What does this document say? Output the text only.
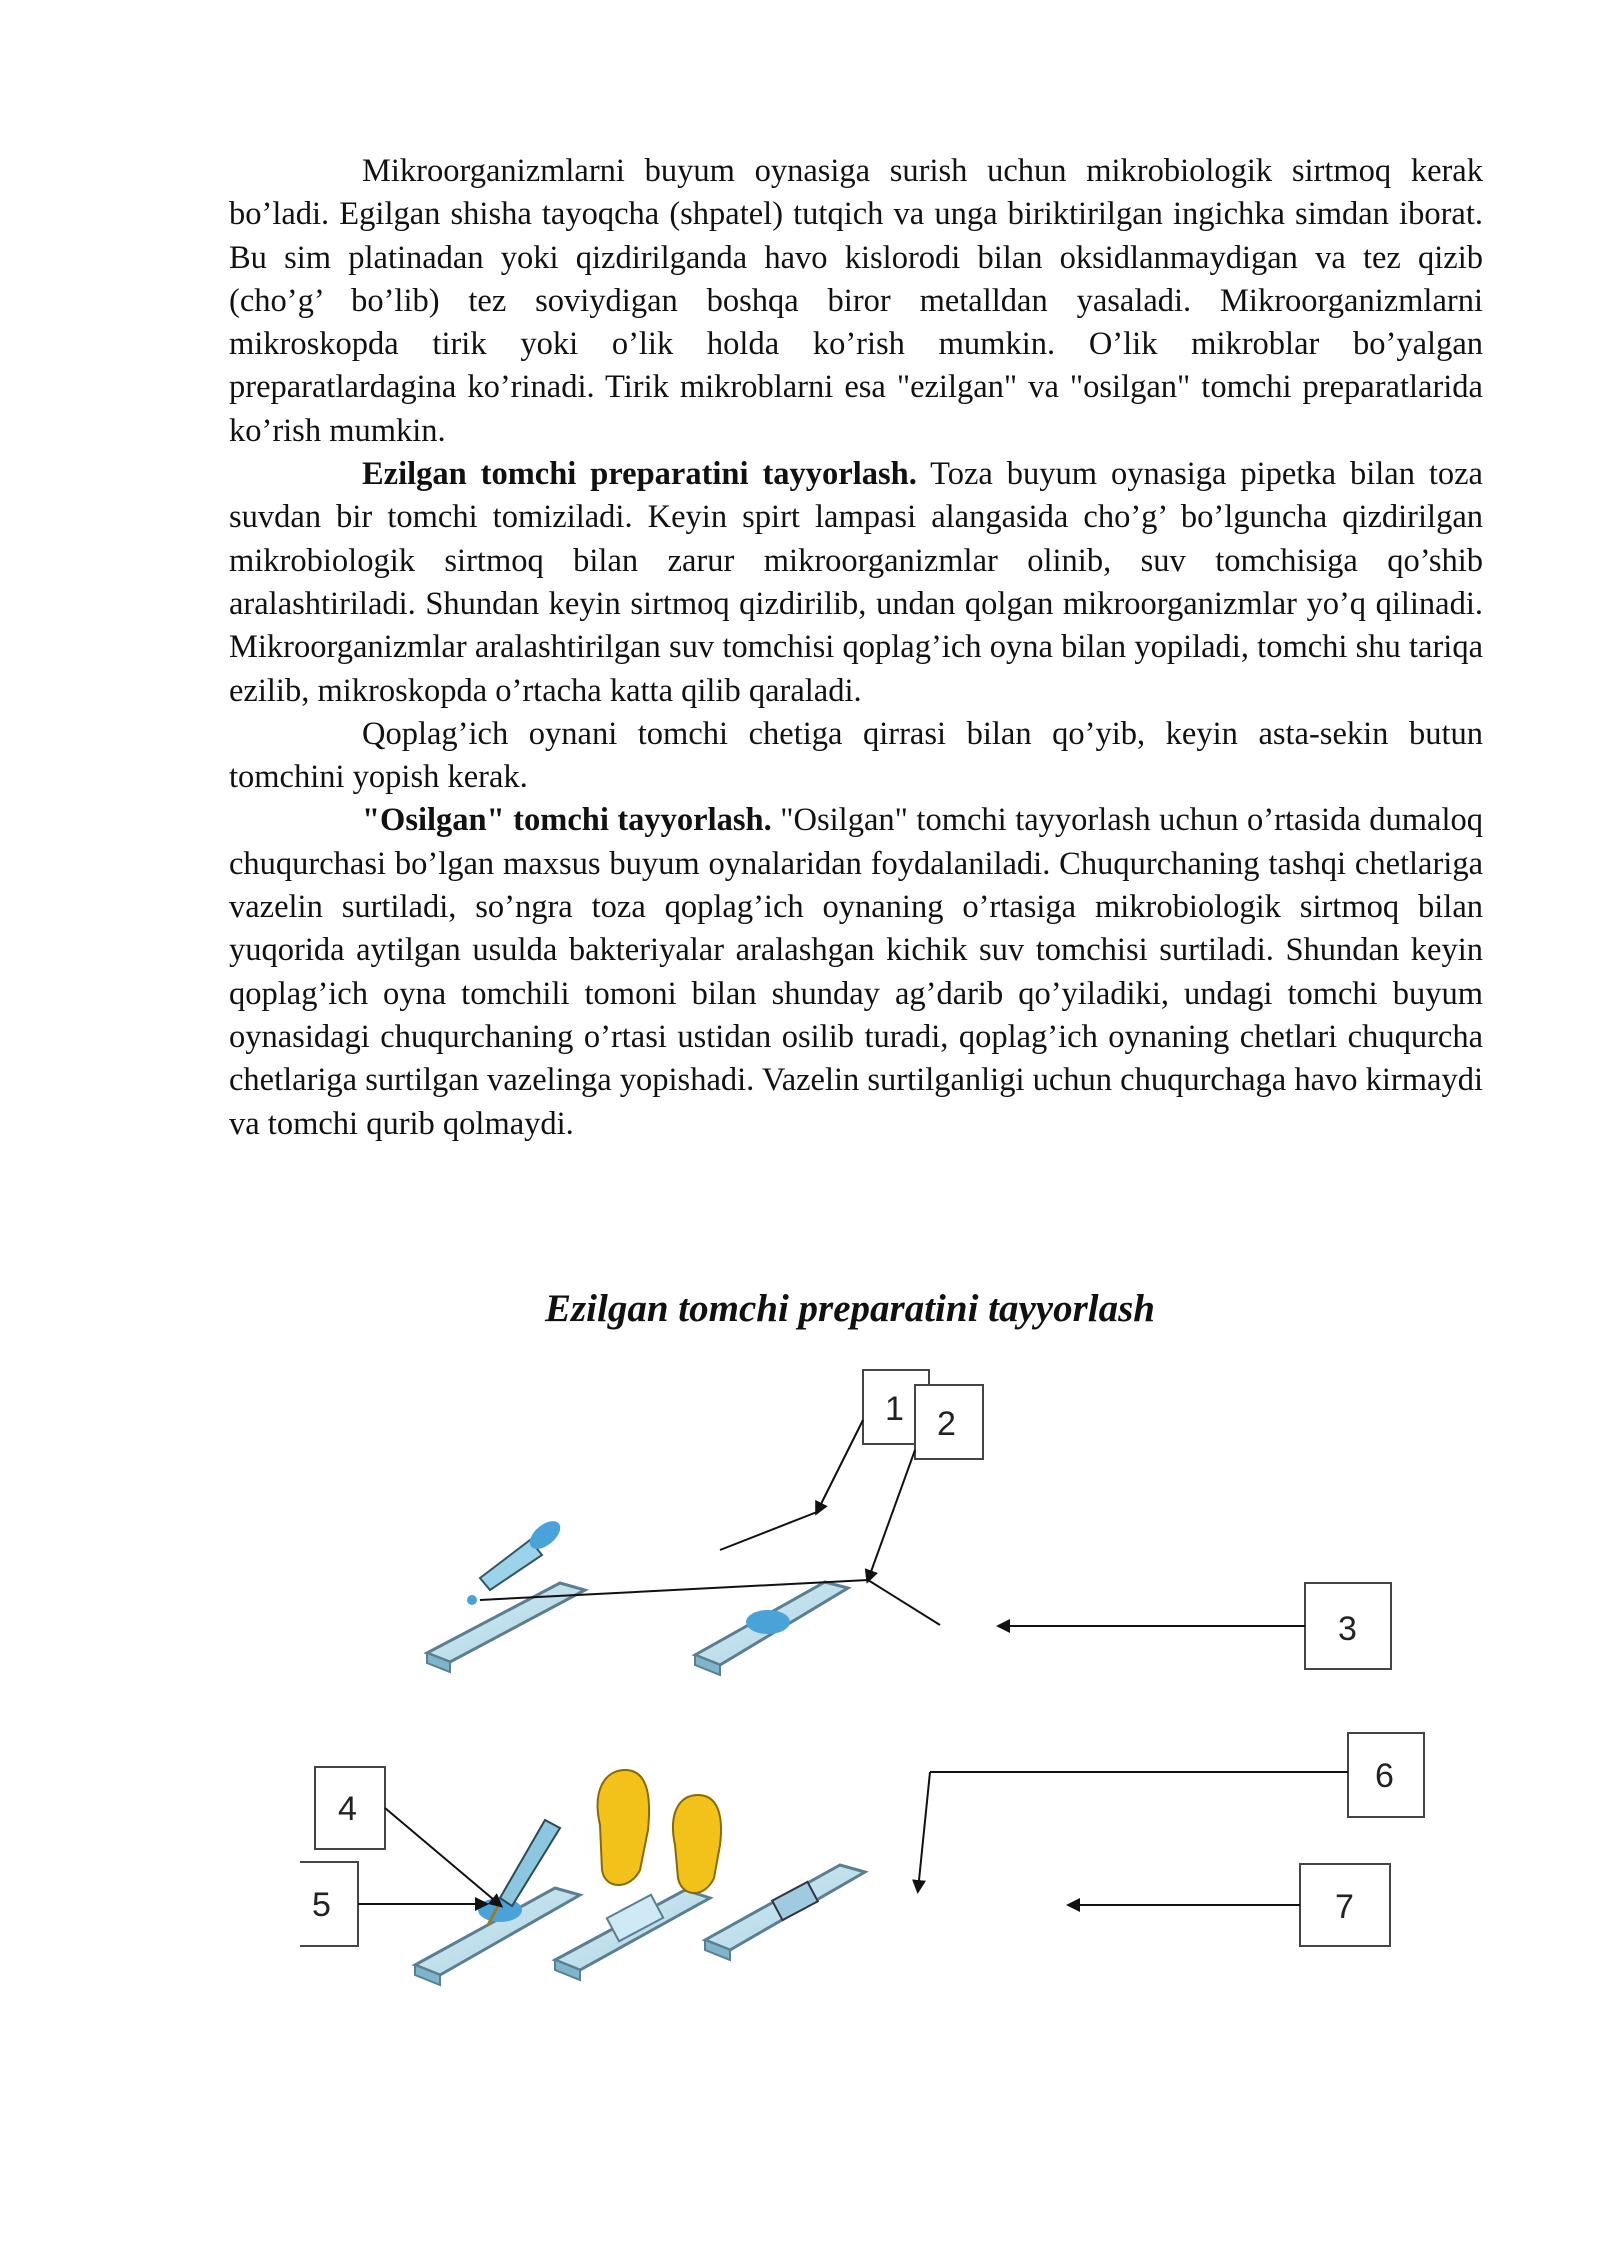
Mikroorganizmlarni buyum oynasiga surish uchun mikrobiologik sirtmoq kerak bo’ladi. Egilgan shisha tayoqcha (shpatel) tutqich va unga biriktirilgan ingichka simdan iborat. Bu sim platinadan yoki qizdirilganda havo kislorodi bilan oksidlanmaydigan va tez qizib (cho’g’ bo’lib) tez soviydigan boshqa biror metalldan yasaladi. Mikroorganizmlarni mikroskopda tirik yoki o’lik holda ko’rish mumkin. O’lik mikroblar bo’yalgan preparatlardagina ko’rinadi. Tirik mikroblarni esa "ezilgan" va "osilgan" tomchi preparatlarida ko’rish mumkin.

Ezilgan tomchi preparatini tayyorlash. Toza buyum oynasiga pipetka bilan toza suvdan bir tomchi tomiziladi. Keyin spirt lampasi alangasida cho’g’ bo’lguncha qizdirilgan mikrobiologik sirtmoq bilan zarur mikroorganizmlar olinib, suv tomchisiga qo’shib aralashtiriladi. Shundan keyin sirtmoq qizdirilib, undan qolgan mikroorganizmlar yo’q qilinadi. Mikroorganizmlar aralashtirilgan suv tomchisi qoplag’ich oyna bilan yopiladi, tomchi shu tariqa ezilib, mikroskopda o’rtacha katta qilib qaraladi.

Qoplag’ich oynani tomchi chetiga qirrasi bilan qo’yib, keyin asta-sekin butun tomchini yopish kerak.

"Osilgan" tomchi tayyorlash. "Osilgan" tomchi tayyorlash uchun o’rtasida dumaloq chuqurchasi bo’lgan maxsus buyum oynalaridan foydalaniladi. Chuqurchaning tashqi chetlariga vazelin surtiladi, so’ngra toza qoplag’ich oynaning o’rtasiga mikrobiologik sirtmoq bilan yuqorida aytilgan usulda bakteriyalar aralashgan kichik suv tomchisi surtiladi. Shundan keyin qoplag’ich oyna tomchili tomoni bilan shunday ag’darib qo’yiladiki, undagi tomchi buyum oynasidagi chuqurchaning o’rtasi ustidan osilib turadi, qoplag’ich oynaning chetlari chuqurcha chetlariga surtilgan vazelinga yopishadi. Vazelin surtilganligi uchun chuqurchaga havo kirmaydi va tomchi qurib qolmaydi.

Ezilgan tomchi preparatini tayyorlash
1 2
3
4
5
6
7
